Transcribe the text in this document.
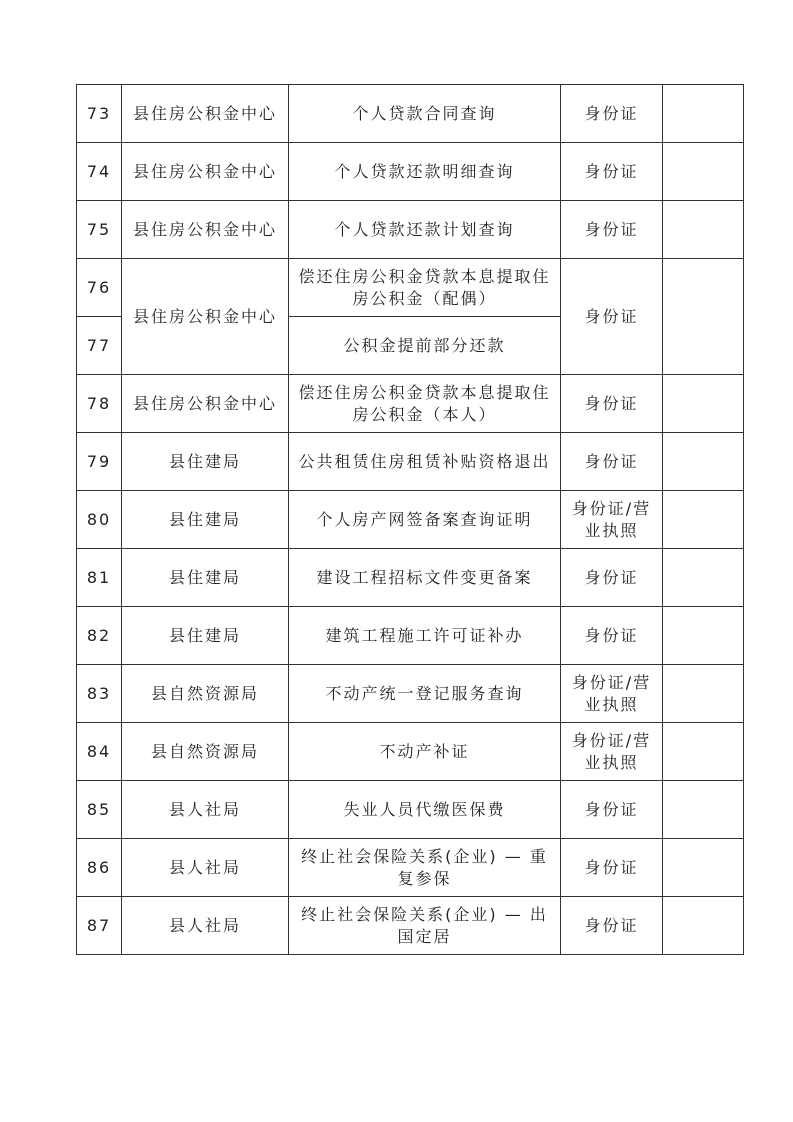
73	县住房公积金中心	个人贷款合同查询	身份证	
74	县住房公积金中心	个人贷款还款明细查询	身份证	
75	县住房公积金中心	个人贷款还款计划查询	身份证	
76	县住房公积金中心	偿还住房公积金贷款本息提取住房公积金（配偶）	身份证	
77		公积金提前部分还款		
78	县住房公积金中心	偿还住房公积金贷款本息提取住房公积金（本人）	身份证	
79	县住建局	公共租赁住房租赁补贴资格退出	身份证	
80	县住建局	个人房产网签备案查询证明	身份证/营业执照	
81	县住建局	建设工程招标文件变更备案	身份证	
82	县住建局	建筑工程施工许可证补办	身份证	
83	县自然资源局	不动产统一登记服务查询	身份证/营业执照	
84	县自然资源局	不动产补证	身份证/营业执照	
85	县人社局	失业人员代缴医保费	身份证	
86	县人社局	终止社会保险关系(企业) — 重复参保	身份证	
87	县人社局	终止社会保险关系(企业) — 出国定居	身份证	
